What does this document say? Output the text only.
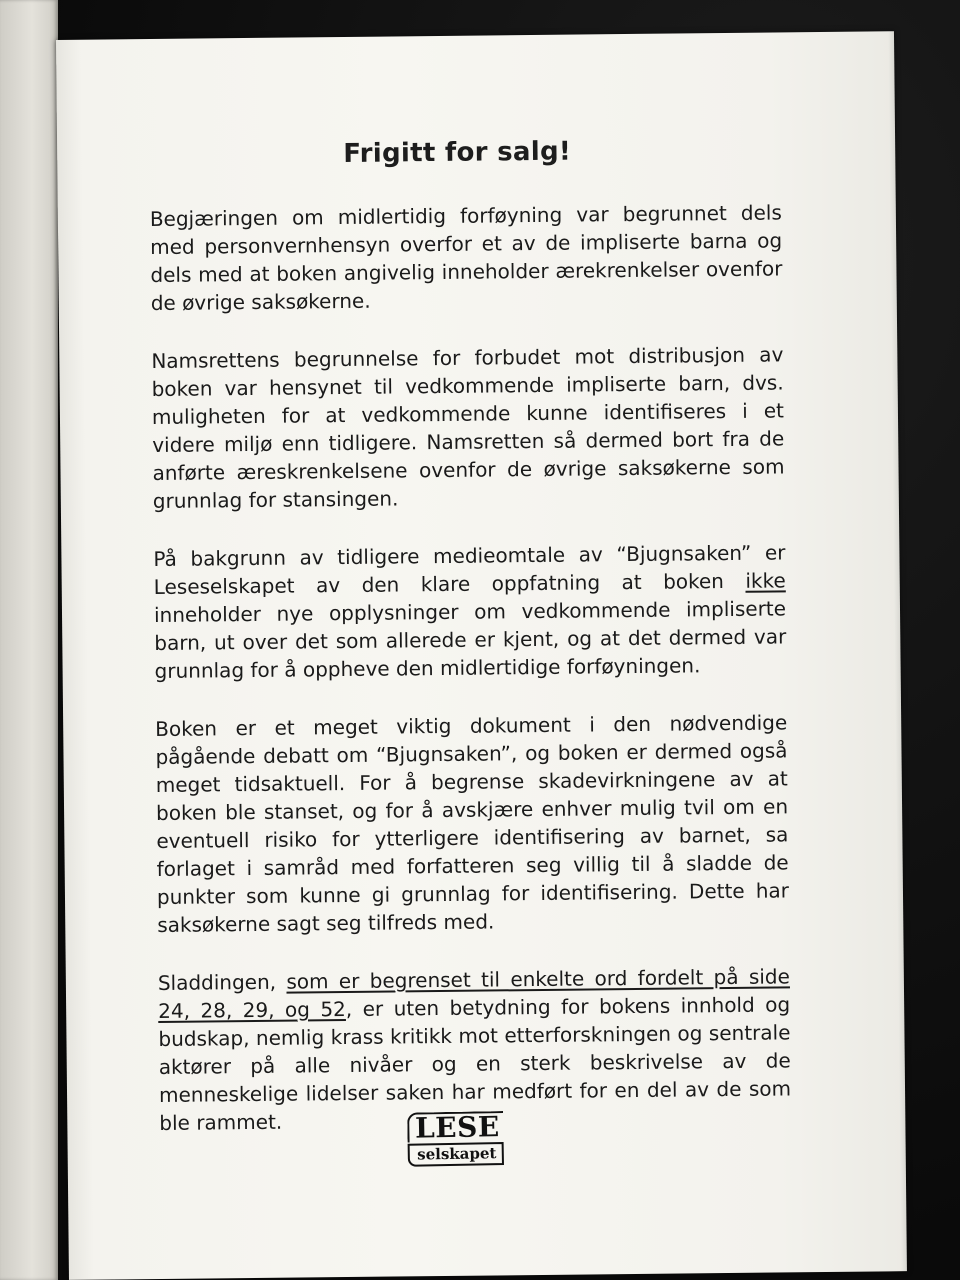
Frigitt for salg!

Begjæringen om midlertidig forføyning var begrunnet dels med personvernhensyn overfor et av de impliserte barna og dels med at boken angivelig inneholder ærekrenkelser ovenfor de øvrige saksøkerne.

Namsrettens begrunnelse for forbudet mot distribusjon av boken var hensynet til vedkommende impliserte barn, dvs. muligheten for at vedkommende kunne identifiseres i et videre miljø enn tidligere. Namsretten så dermed bort fra de anførte æreskrenkelsene ovenfor de øvrige saksøkerne som grunnlag for stansingen.

På bakgrunn av tidligere medieomtale av “Bjugnsaken” er Leseselskapet av den klare oppfatning at boken ikke inneholder nye opplysninger om vedkommende impliserte barn, ut over det som allerede er kjent, og at det dermed var grunnlag for å oppheve den midlertidige forføyningen.

Boken er et meget viktig dokument i den nødvendige pågående debatt om “Bjugnsaken”, og boken er dermed også meget tidsaktuell. For å begrense skadevirkningene av at boken ble stanset, og for å avskjære enhver mulig tvil om en eventuell risiko for ytterligere identifisering av barnet, sa forlaget i samråd med forfatteren seg villig til å sladde de punkter som kunne gi grunnlag for identifisering. Dette har saksøkerne sagt seg tilfreds med.

Sladdingen, som er begrenset til enkelte ord fordelt på side 24, 28, 29, og 52, er uten betydning for bokens innhold og budskap, nemlig krass kritikk mot etterforskningen og sentrale aktører på alle nivåer og en sterk beskrivelse av de menneskelige lidelser saken har medført for en del av de som ble rammet.	LESE
selskapet
